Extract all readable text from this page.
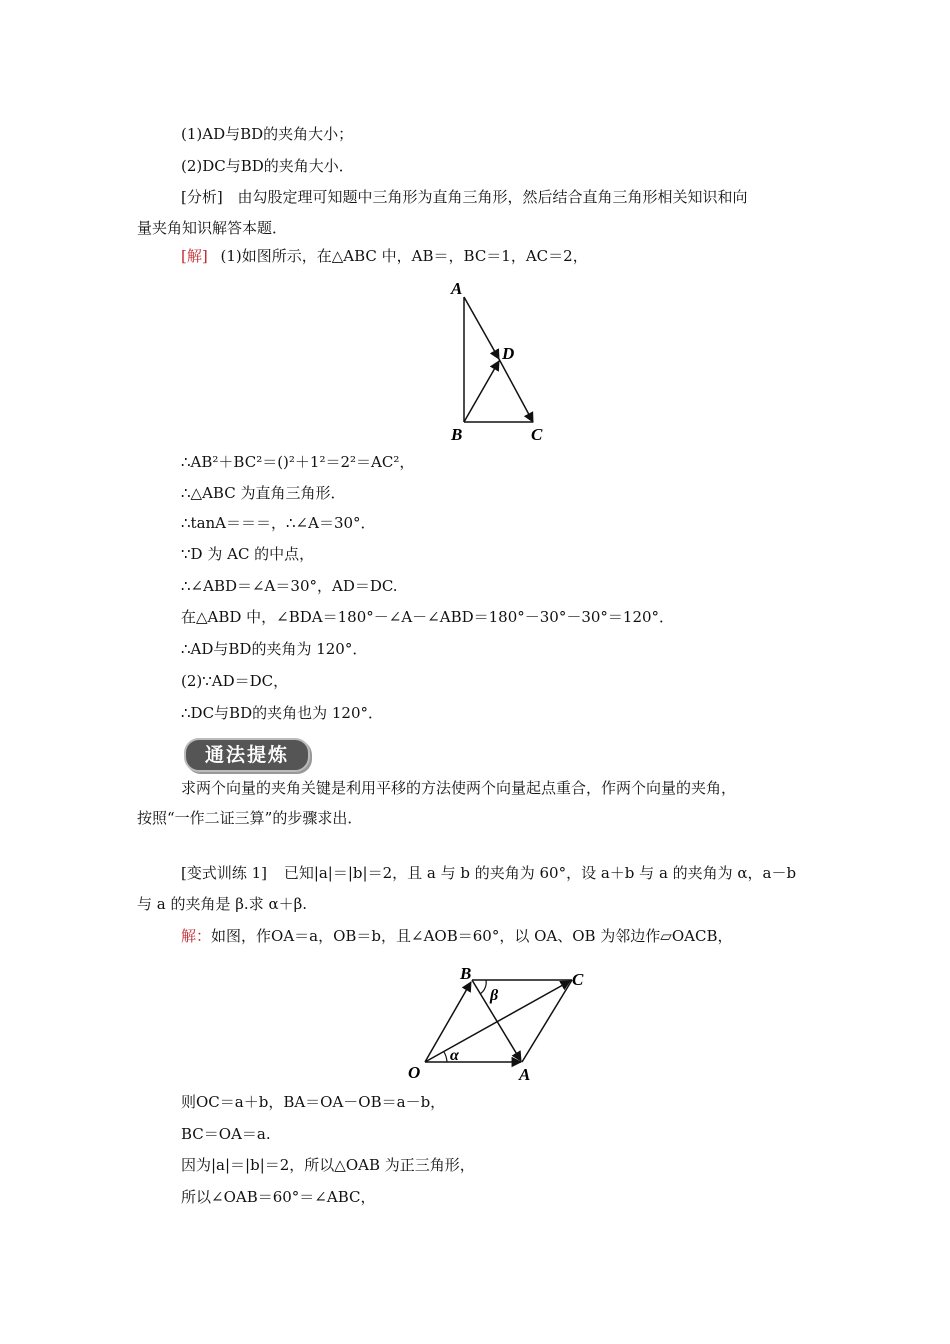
(1)AD与BD的夹角大小；
(2)DC与BD的夹角大小．
[分析] 由勾股定理可知题中三角形为直角三角形，然后结合直角三角形相关知识和向
量夹角知识解答本题．
[解] (1)如图所示，在△ABC 中，AB＝，BC＝1，AC＝2，
A
D
B	C
∴AB²＋BC²＝()²＋1²＝2²＝AC²，
∴△ABC 为直角三角形．
∴tanA＝＝＝，∴∠A＝30°．
∵D 为 AC 的中点，
∴∠ABD＝∠A＝30°，AD＝DC.
在△ABD 中，∠BDA＝180°－∠A－∠ABD＝180°－30°－30°＝120°．
∴AD与BD的夹角为 120°．
(2)∵AD＝DC，
∴DC与BD的夹角也为 120°．
通法提炼
求两个向量的夹角关键是利用平移的方法使两个向量起点重合，作两个向量的夹角，
按照“一作二证三算”的步骤求出．
[变式训练 1] 已知|a|＝|b|＝2，且 a 与 b 的夹角为 60°，设 a＋b 与 a 的夹角为 α，a－b
与 a 的夹角是 β.求 α＋β.
解：如图，作OA＝a，OB＝b，且∠AOB＝60°，以 OA、OB 为邻边作▱OACB，
O	A
B	C
α
β
则OC＝a＋b，BA＝OA－OB＝a－b，
BC＝OA＝a.
因为|a|＝|b|＝2，所以△OAB 为正三角形，
所以∠OAB＝60°＝∠ABC，
